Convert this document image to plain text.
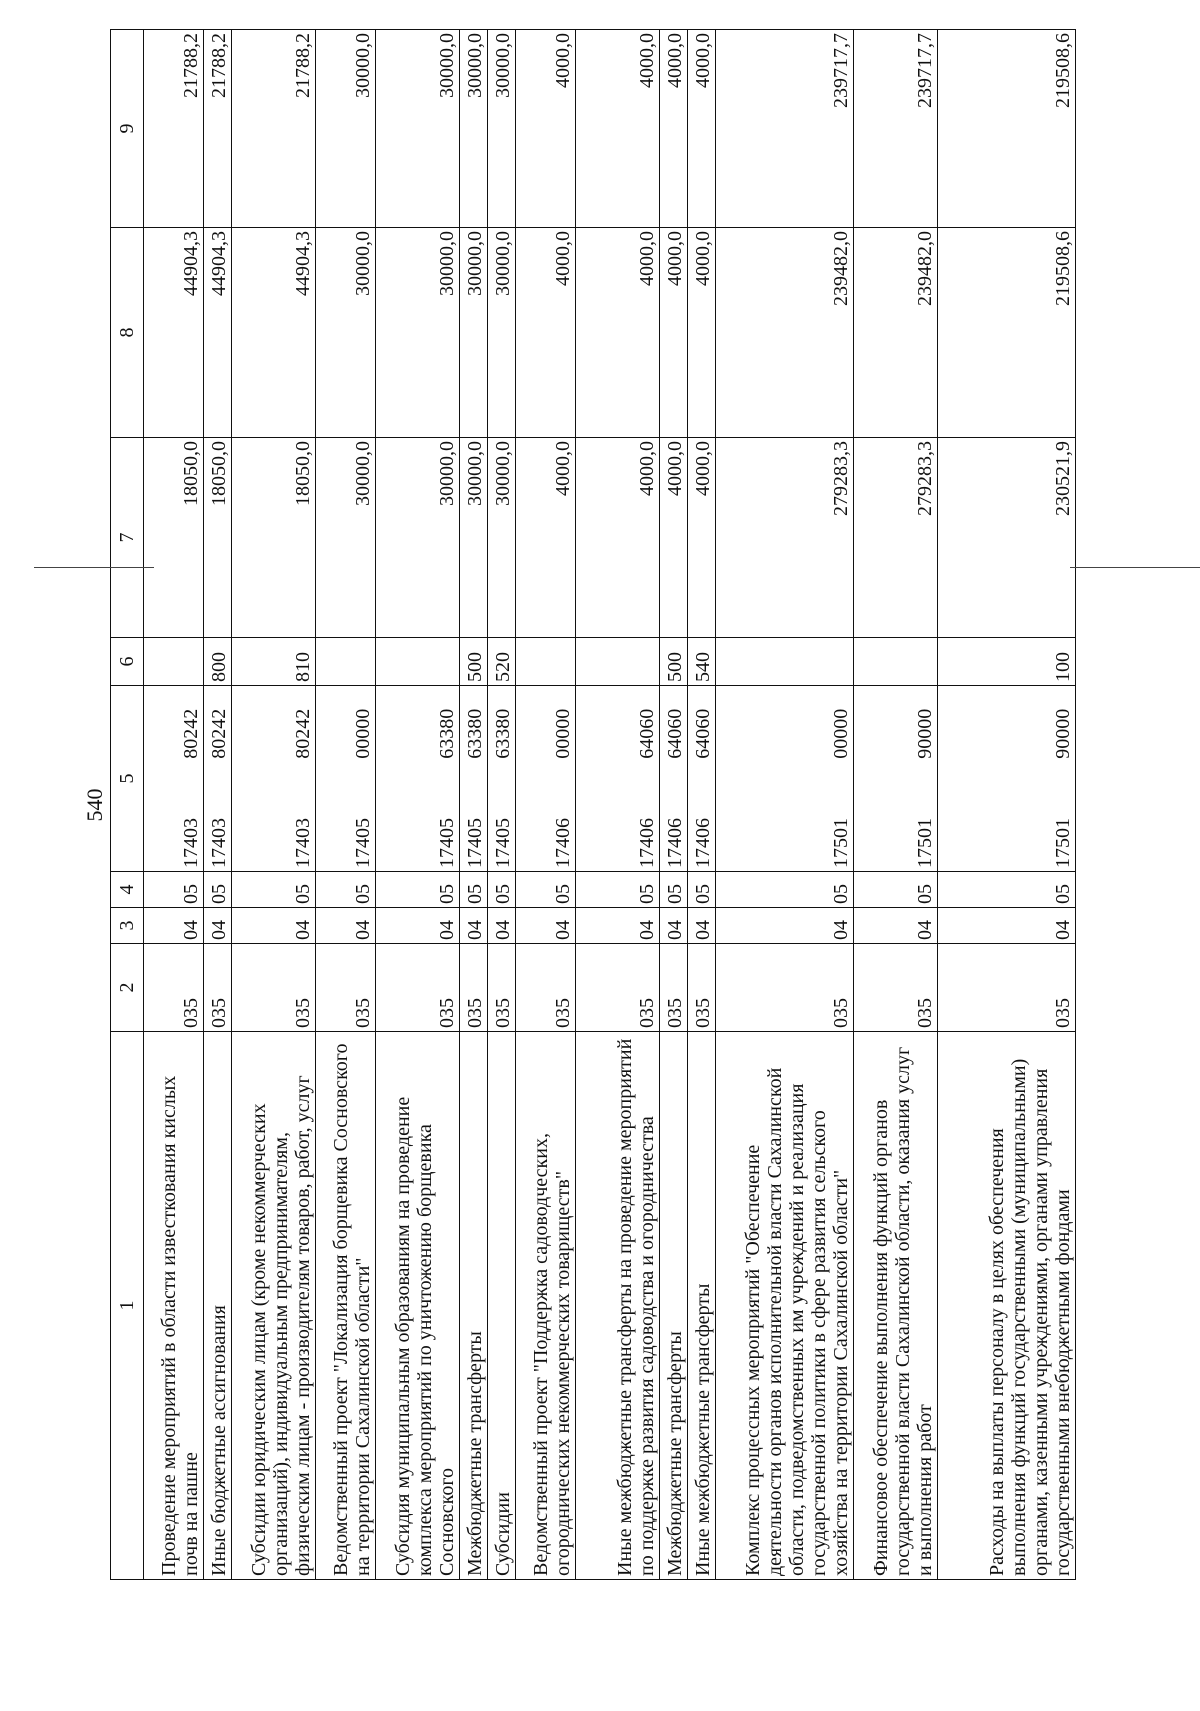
540
1	2	3	4	5	6	7	8	9
Проведение мероприятий в области известкования кислых почв на пашне	035	04	05	1740380242		18050,0	44904,3	21788,2
Иные бюджетные ассигнования	035	04	05	1740380242	800	18050,0	44904,3	21788,2
Субсидии юридическим лицам (кроме некоммерческих организаций), индивидуальным предпринимателям, физическим лицам - производителям товаров, работ, услуг	035	04	05	1740380242	810	18050,0	44904,3	21788,2
Ведомственный проект "Локализация борщевика Сосновского на территории Сахалинской области"	035	04	05	1740500000		30000,0	30000,0	30000,0
Субсидия муниципальным образованиям на проведение комплекса мероприятий по уничтожению борщевика Сосновского	035	04	05	1740563380		30000,0	30000,0	30000,0
Межбюджетные трансферты	035	04	05	1740563380	500	30000,0	30000,0	30000,0
Субсидии	035	04	05	1740563380	520	30000,0	30000,0	30000,0
Ведомственный проект "Поддержка садоводческих, огороднических некоммерческих товариществ"	035	04	05	1740600000		4000,0	4000,0	4000,0
Иные межбюджетные трансферты на проведение мероприятий по поддержке развития садоводства и огородничества	035	04	05	1740664060		4000,0	4000,0	4000,0
Межбюджетные трансферты	035	04	05	1740664060	500	4000,0	4000,0	4000,0
Иные межбюджетные трансферты	035	04	05	1740664060	540	4000,0	4000,0	4000,0
Комплекс процессных мероприятий "Обеспечение деятельности органов исполнительной власти Сахалинской области, подведомственных им учреждений и реализация государственной политики в сфере развития сельского хозяйства на территории Сахалинской области"	035	04	05	1750100000		279283,3	239482,0	239717,7
Финансовое обеспечение выполнения функций органов государственной власти Сахалинской области, оказания услуг и выполнения работ	035	04	05	1750190000		279283,3	239482,0	239717,7
Расходы на выплаты персоналу в целях обеспечения выполнения функций государственными (муниципальными) органами, казенными учреждениями, органами управления государственными внебюджетными фондами	035	04	05	1750190000	100	230521,9	219508,6	219508,6
